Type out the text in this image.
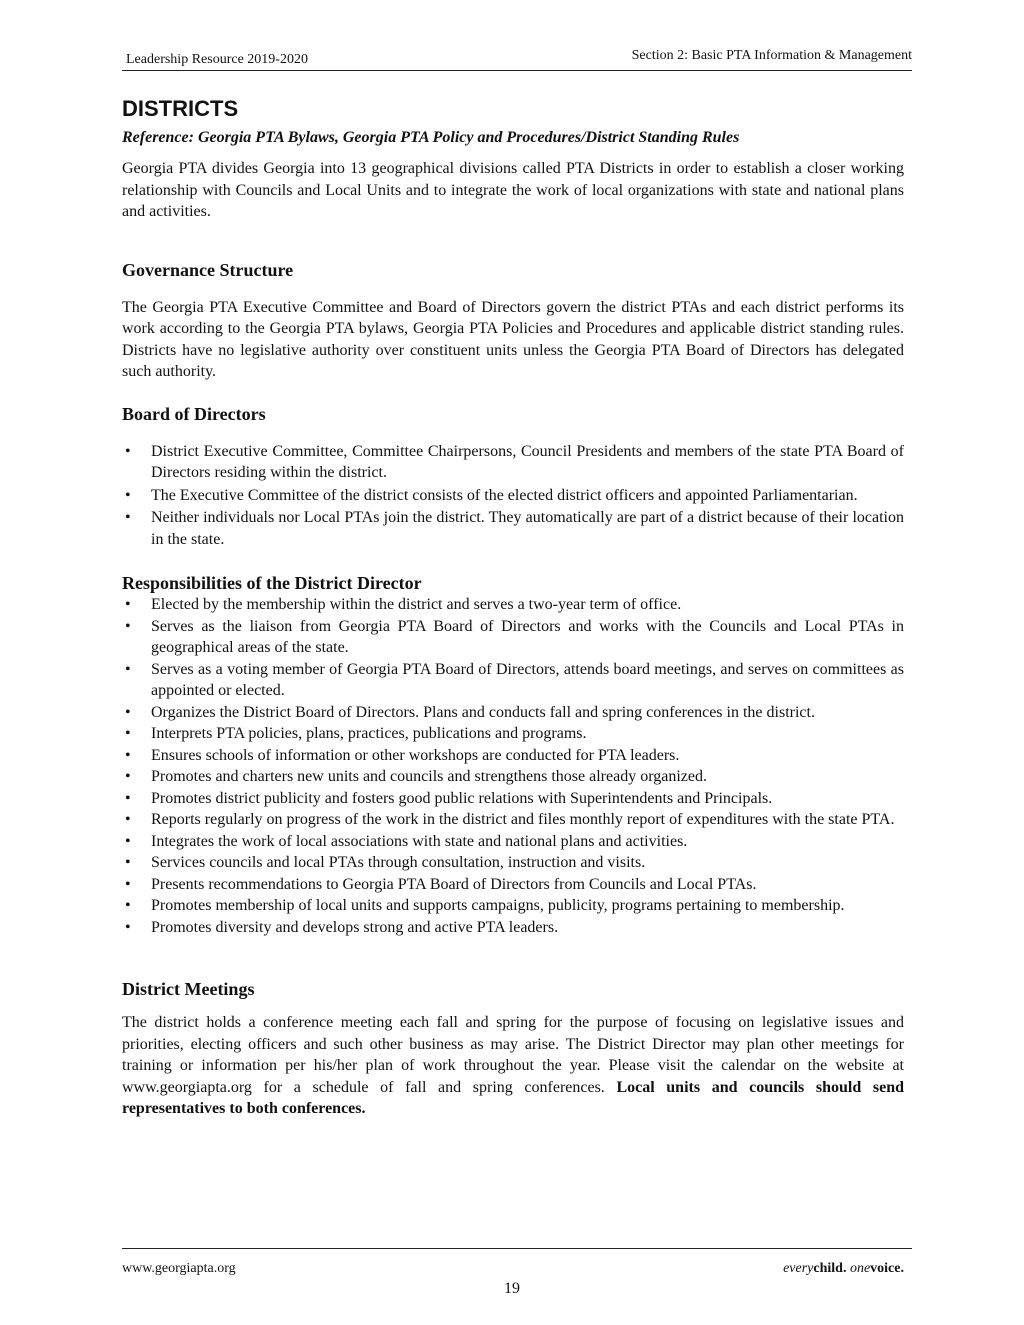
Leadership Resource 2019-2020	Section 2: Basic PTA Information & Management
DISTRICTS
Reference: Georgia PTA Bylaws, Georgia PTA Policy and Procedures/District Standing Rules

Georgia PTA divides Georgia into 13 geographical divisions called PTA Districts in order to establish a closer working relationship with Councils and Local Units and to integrate the work of local organizations with state and national plans and activities.

Governance Structure

The Georgia PTA Executive Committee and Board of Directors govern the district PTAs and each district performs its work according to the Georgia PTA bylaws, Georgia PTA Policies and Procedures and applicable district standing rules. Districts have no legislative authority over constituent units unless the Georgia PTA Board of Directors has delegated such authority.

Board of Directors
• District Executive Committee, Committee Chairpersons, Council Presidents and members of the state PTA Board of Directors residing within the district.
• The Executive Committee of the district consists of the elected district officers and appointed Parliamentarian.
• Neither individuals nor Local PTAs join the district. They automatically are part of a district because of their location in the state.
Responsibilities of the District Director
• Elected by the membership within the district and serves a two-year term of office.
• Serves as the liaison from Georgia PTA Board of Directors and works with the Councils and Local PTAs in geographical areas of the state.
• Serves as a voting member of Georgia PTA Board of Directors, attends board meetings, and serves on committees as appointed or elected.
• Organizes the District Board of Directors. Plans and conducts fall and spring conferences in the district.
• Interprets PTA policies, plans, practices, publications and programs.
• Ensures schools of information or other workshops are conducted for PTA leaders.
• Promotes and charters new units and councils and strengthens those already organized.
• Promotes district publicity and fosters good public relations with Superintendents and Principals.
• Reports regularly on progress of the work in the district and files monthly report of expenditures with the state PTA.
• Integrates the work of local associations with state and national plans and activities.
• Services councils and local PTAs through consultation, instruction and visits.
• Presents recommendations to Georgia PTA Board of Directors from Councils and Local PTAs.
• Promotes membership of local units and supports campaigns, publicity, programs pertaining to membership.
• Promotes diversity and develops strong and active PTA leaders.
District Meetings

The district holds a conference meeting each fall and spring for the purpose of focusing on legislative issues and priorities, electing officers and such other business as may arise. The District Director may plan other meetings for training or information per his/her plan of work throughout the year. Please visit the calendar on the website at www.georgiapta.org for a schedule of fall and spring conferences. Local units and councils should send representatives to both conferences.

www.georgiapta.org	everychild. onevoice.
19
